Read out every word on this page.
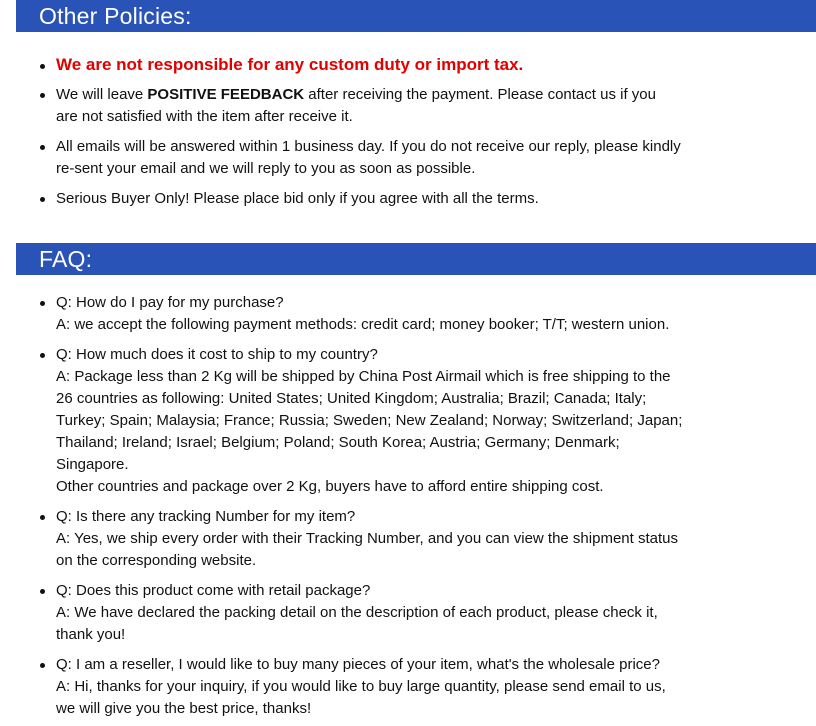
Other Policies:
We are not responsible for any custom duty or import tax.
We will leave POSITIVE FEEDBACK after receiving the payment. Please contact us if you
are not satisfied with the item after receive it.
All emails will be answered within 1 business day. If you do not receive our reply, please kindly
re-sent your email and we will reply to you as soon as possible.
Serious Buyer Only! Please place bid only if you agree with all the terms.
FAQ:
Q: How do I pay for my purchase?
A: we accept the following payment methods: credit card; money booker; T/T; western union.
Q: How much does it cost to ship to my country?
A: Package less than 2 Kg will be shipped by China Post Airmail which is free shipping to the
26 countries as following: United States; United Kingdom; Australia; Brazil; Canada; Italy;
Turkey; Spain; Malaysia; France; Russia; Sweden; New Zealand; Norway; Switzerland; Japan;
Thailand; Ireland; Israel; Belgium; Poland; South Korea; Austria; Germany; Denmark;
Singapore.
Other countries and package over 2 Kg, buyers have to afford entire shipping cost.
Q: Is there any tracking Number for my item?
A: Yes, we ship every order with their Tracking Number, and you can view the shipment status
on the corresponding website.
Q: Does this product come with retail package?
A: We have declared the packing detail on the description of each product, please check it,
thank you!
Q: I am a reseller, I would like to buy many pieces of your item, what's the wholesale price?
A: Hi, thanks for your inquiry, if you would like to buy large quantity, please send email to us,
we will give you the best price, thanks!
